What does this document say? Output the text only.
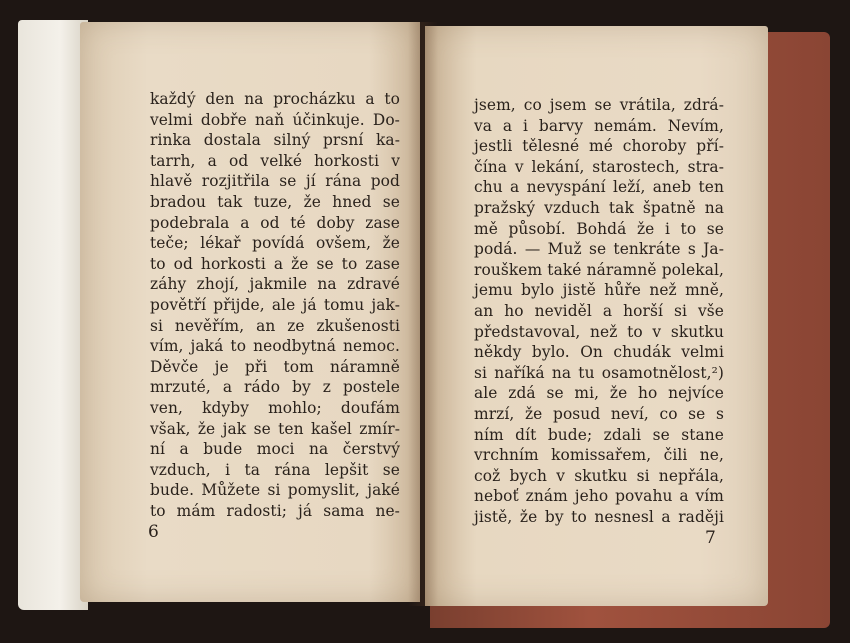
každý den na procházku a to
velmi dobře naň účinkuje. Do-
rinka dostala silný prsní ka-
tarrh, a od velké horkosti v
hlavě rozjitřila se jí rána pod
bradou tak tuze, že hned se
podebrala a od té doby zase
teče; lékař povídá ovšem, že
to od horkosti a že se to zase
záhy zhojí, jakmile na zdravé
povětří přijde, ale já tomu jak-
si nevěřím, an ze zkušenosti
vím, jaká to neodbytná nemoc.
Děvče je při tom náramně
mrzuté, a rádo by z postele
ven, kdyby mohlo; doufám
však, že jak se ten kašel zmír-
ní a bude moci na čerstvý
vzduch, i ta rána lepšit se
bude. Můžete si pomyslit, jaké
to mám radosti; já sama ne-
6
jsem, co jsem se vrátila, zdrá-
va a i barvy nemám. Nevím,
jestli tělesné mé choroby pří-
čína v lekání, starostech, stra-
chu a nevyspání leží, aneb ten
pražský vzduch tak špatně na
mě působí. Bohdá že i to se
podá. — Muž se tenkráte s Ja-
rouškem také náramně polekal,
jemu bylo jistě hůře než mně,
an ho neviděl a horší si vše
představoval, než to v skutku
někdy bylo. On chudák velmi
si naříká na tu osamotnělost,²)
ale zdá se mi, že ho nejvíce
mrzí, že posud neví, co se s
ním dít bude; zdali se stane
vrchním komissařem, čili ne,
což bych v skutku si nepřála,
neboť znám jeho povahu a vím
jistě, že by to nesnesl a raději
7
